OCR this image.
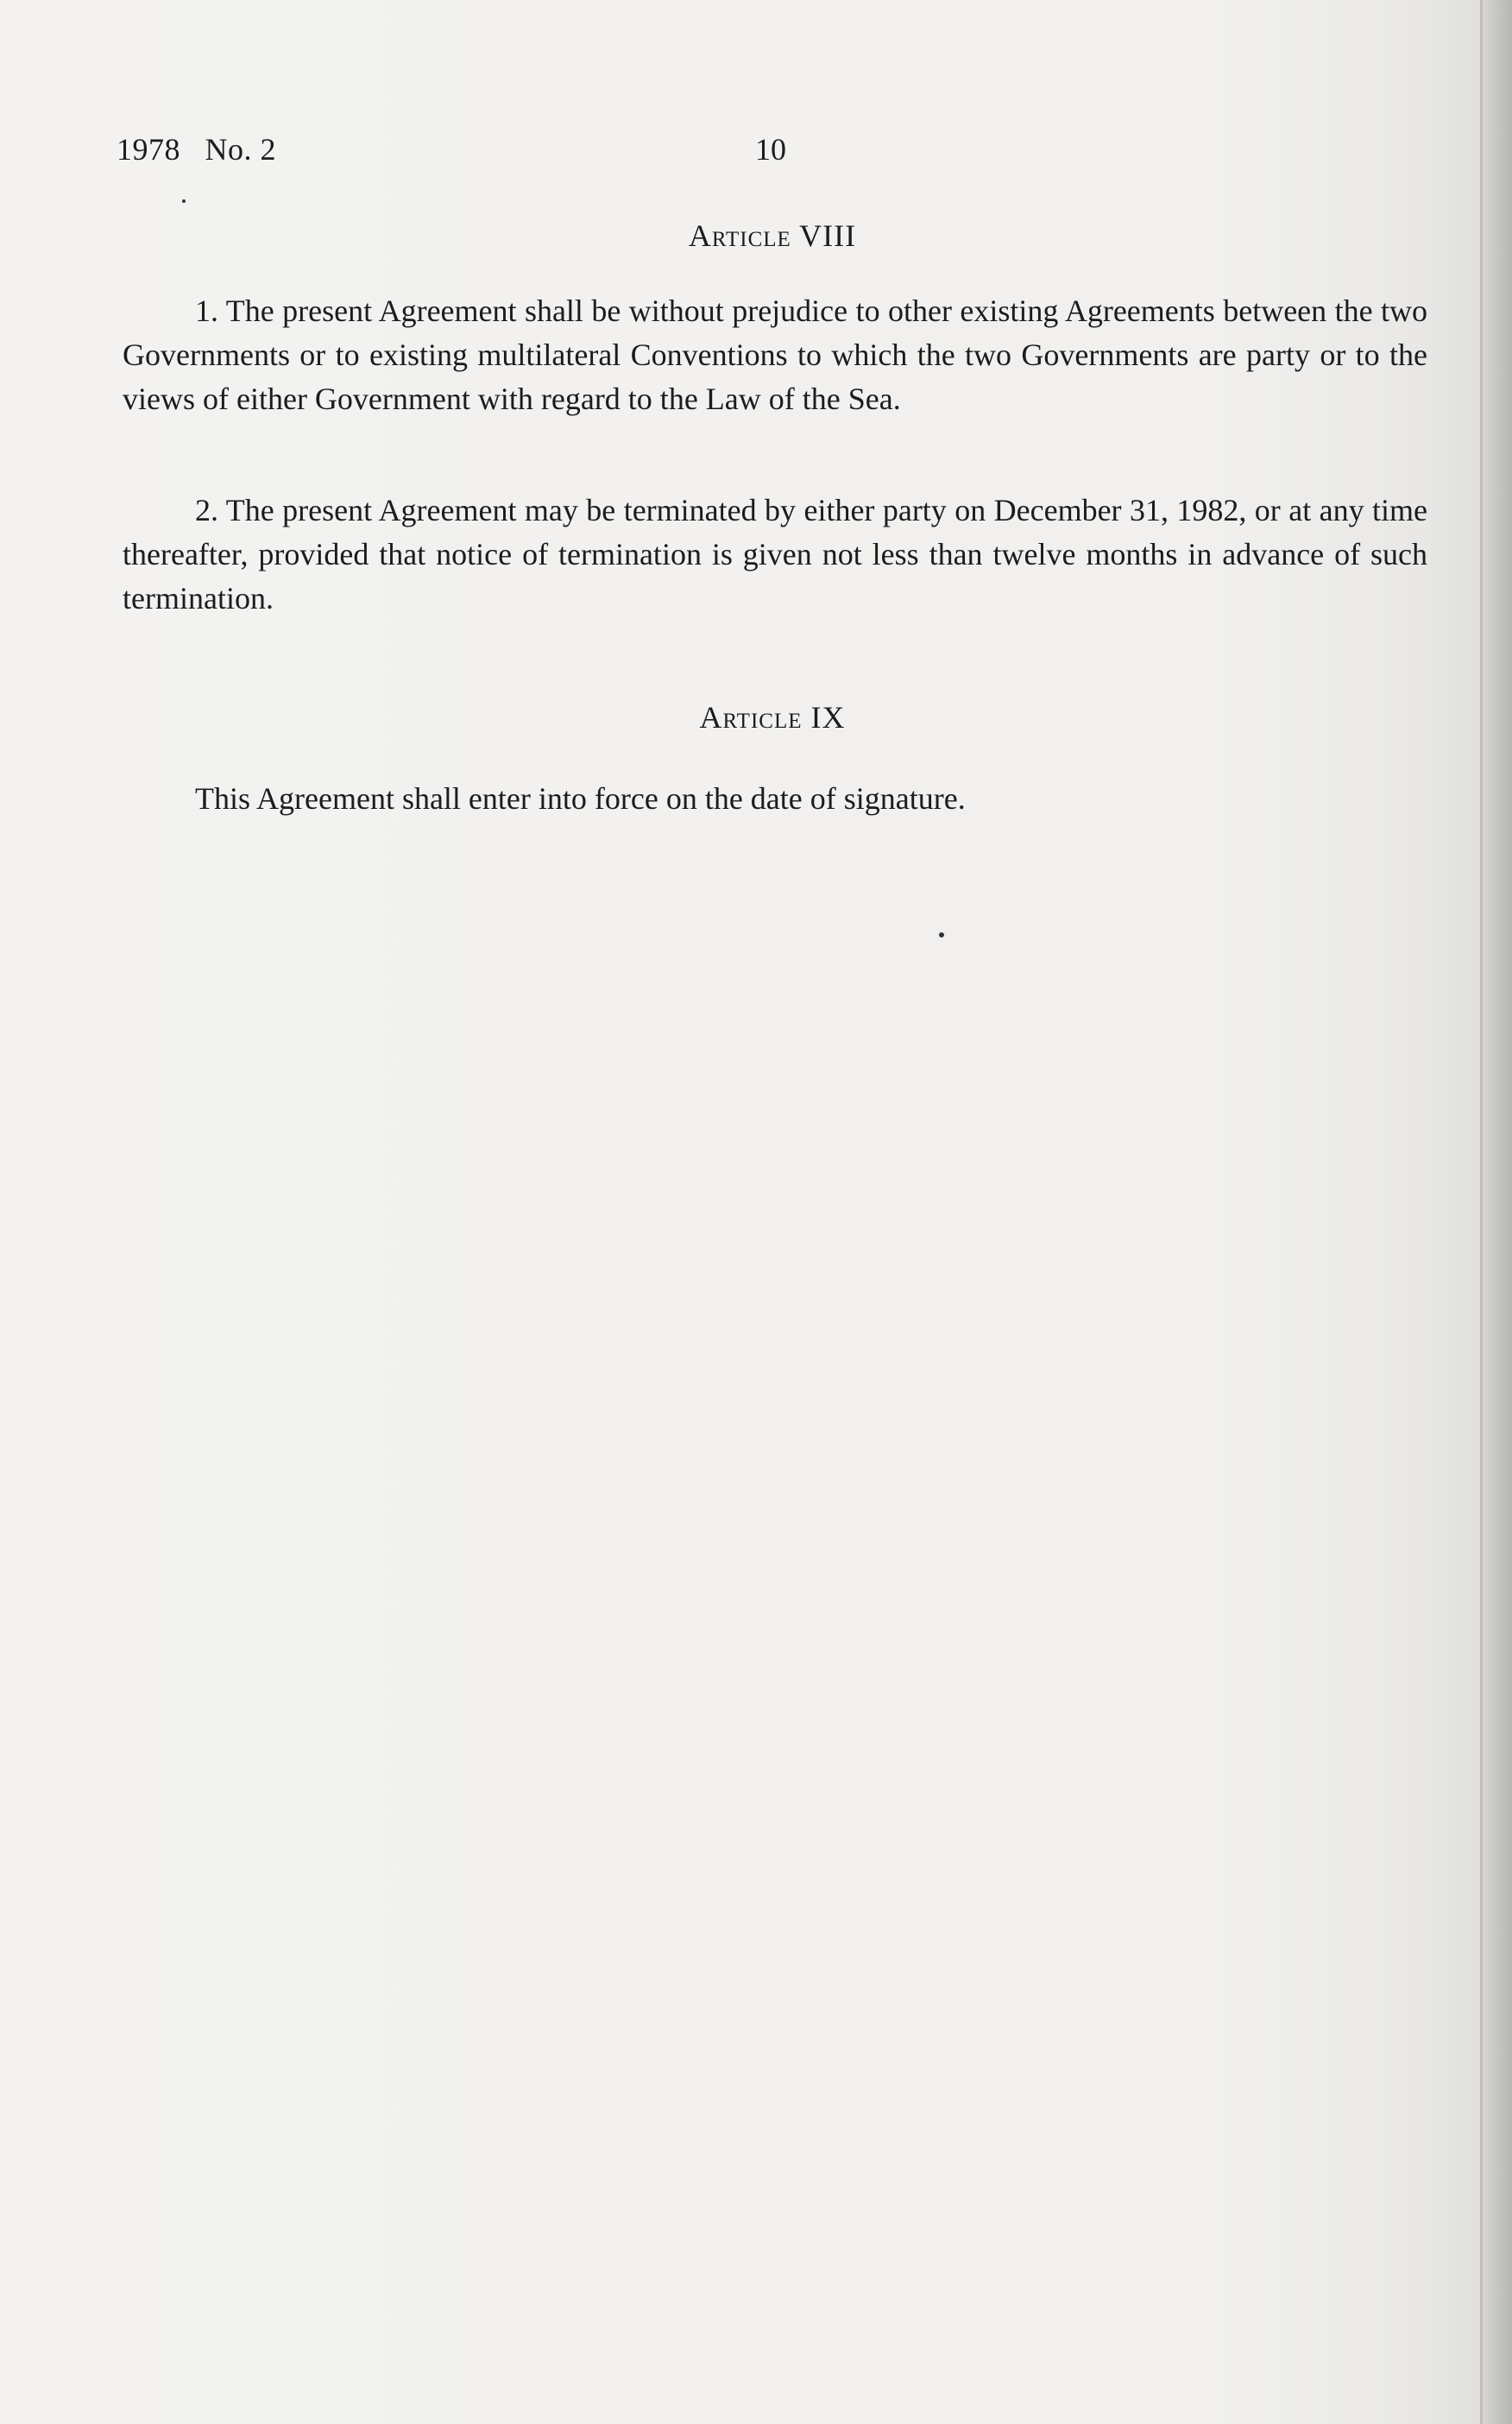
1978   No. 2	10
Article VIII
1. The present Agreement shall be without prejudice to other existing Agreements between the two Governments or to existing multilateral Conventions to which the two Governments are party or to the views of either Government with regard to the Law of the Sea.
2. The present Agreement may be terminated by either party on December 31, 1982, or at any time thereafter, provided that notice of termination is given not less than twelve months in advance of such termination.
Article IX
This Agreement shall enter into force on the date of signature.
